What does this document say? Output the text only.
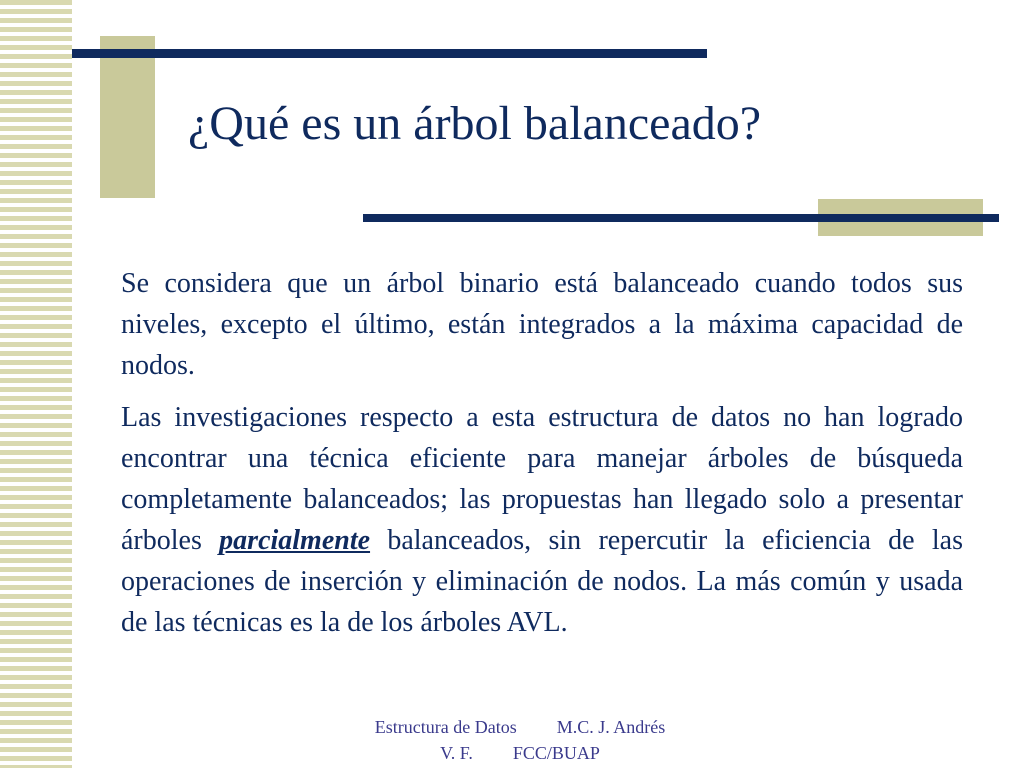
¿Qué es un árbol balanceado?

Se considera que un árbol binario está balanceado cuando todos sus niveles, excepto el último, están integrados a la máxima capacidad de nodos.

Las investigaciones respecto a esta estructura de datos no han logrado encontrar una técnica eficiente para manejar árboles de búsqueda completamente balanceados; las propuestas han llegado solo a presentar árboles parcialmente balanceados, sin repercutir la eficiencia de las operaciones de inserción y eliminación de nodos. La más común y usada de las técnicas es la de los árboles AVL.

Estructura de Datos M.C. J. Andrés
V. F. FCC/BUAP
